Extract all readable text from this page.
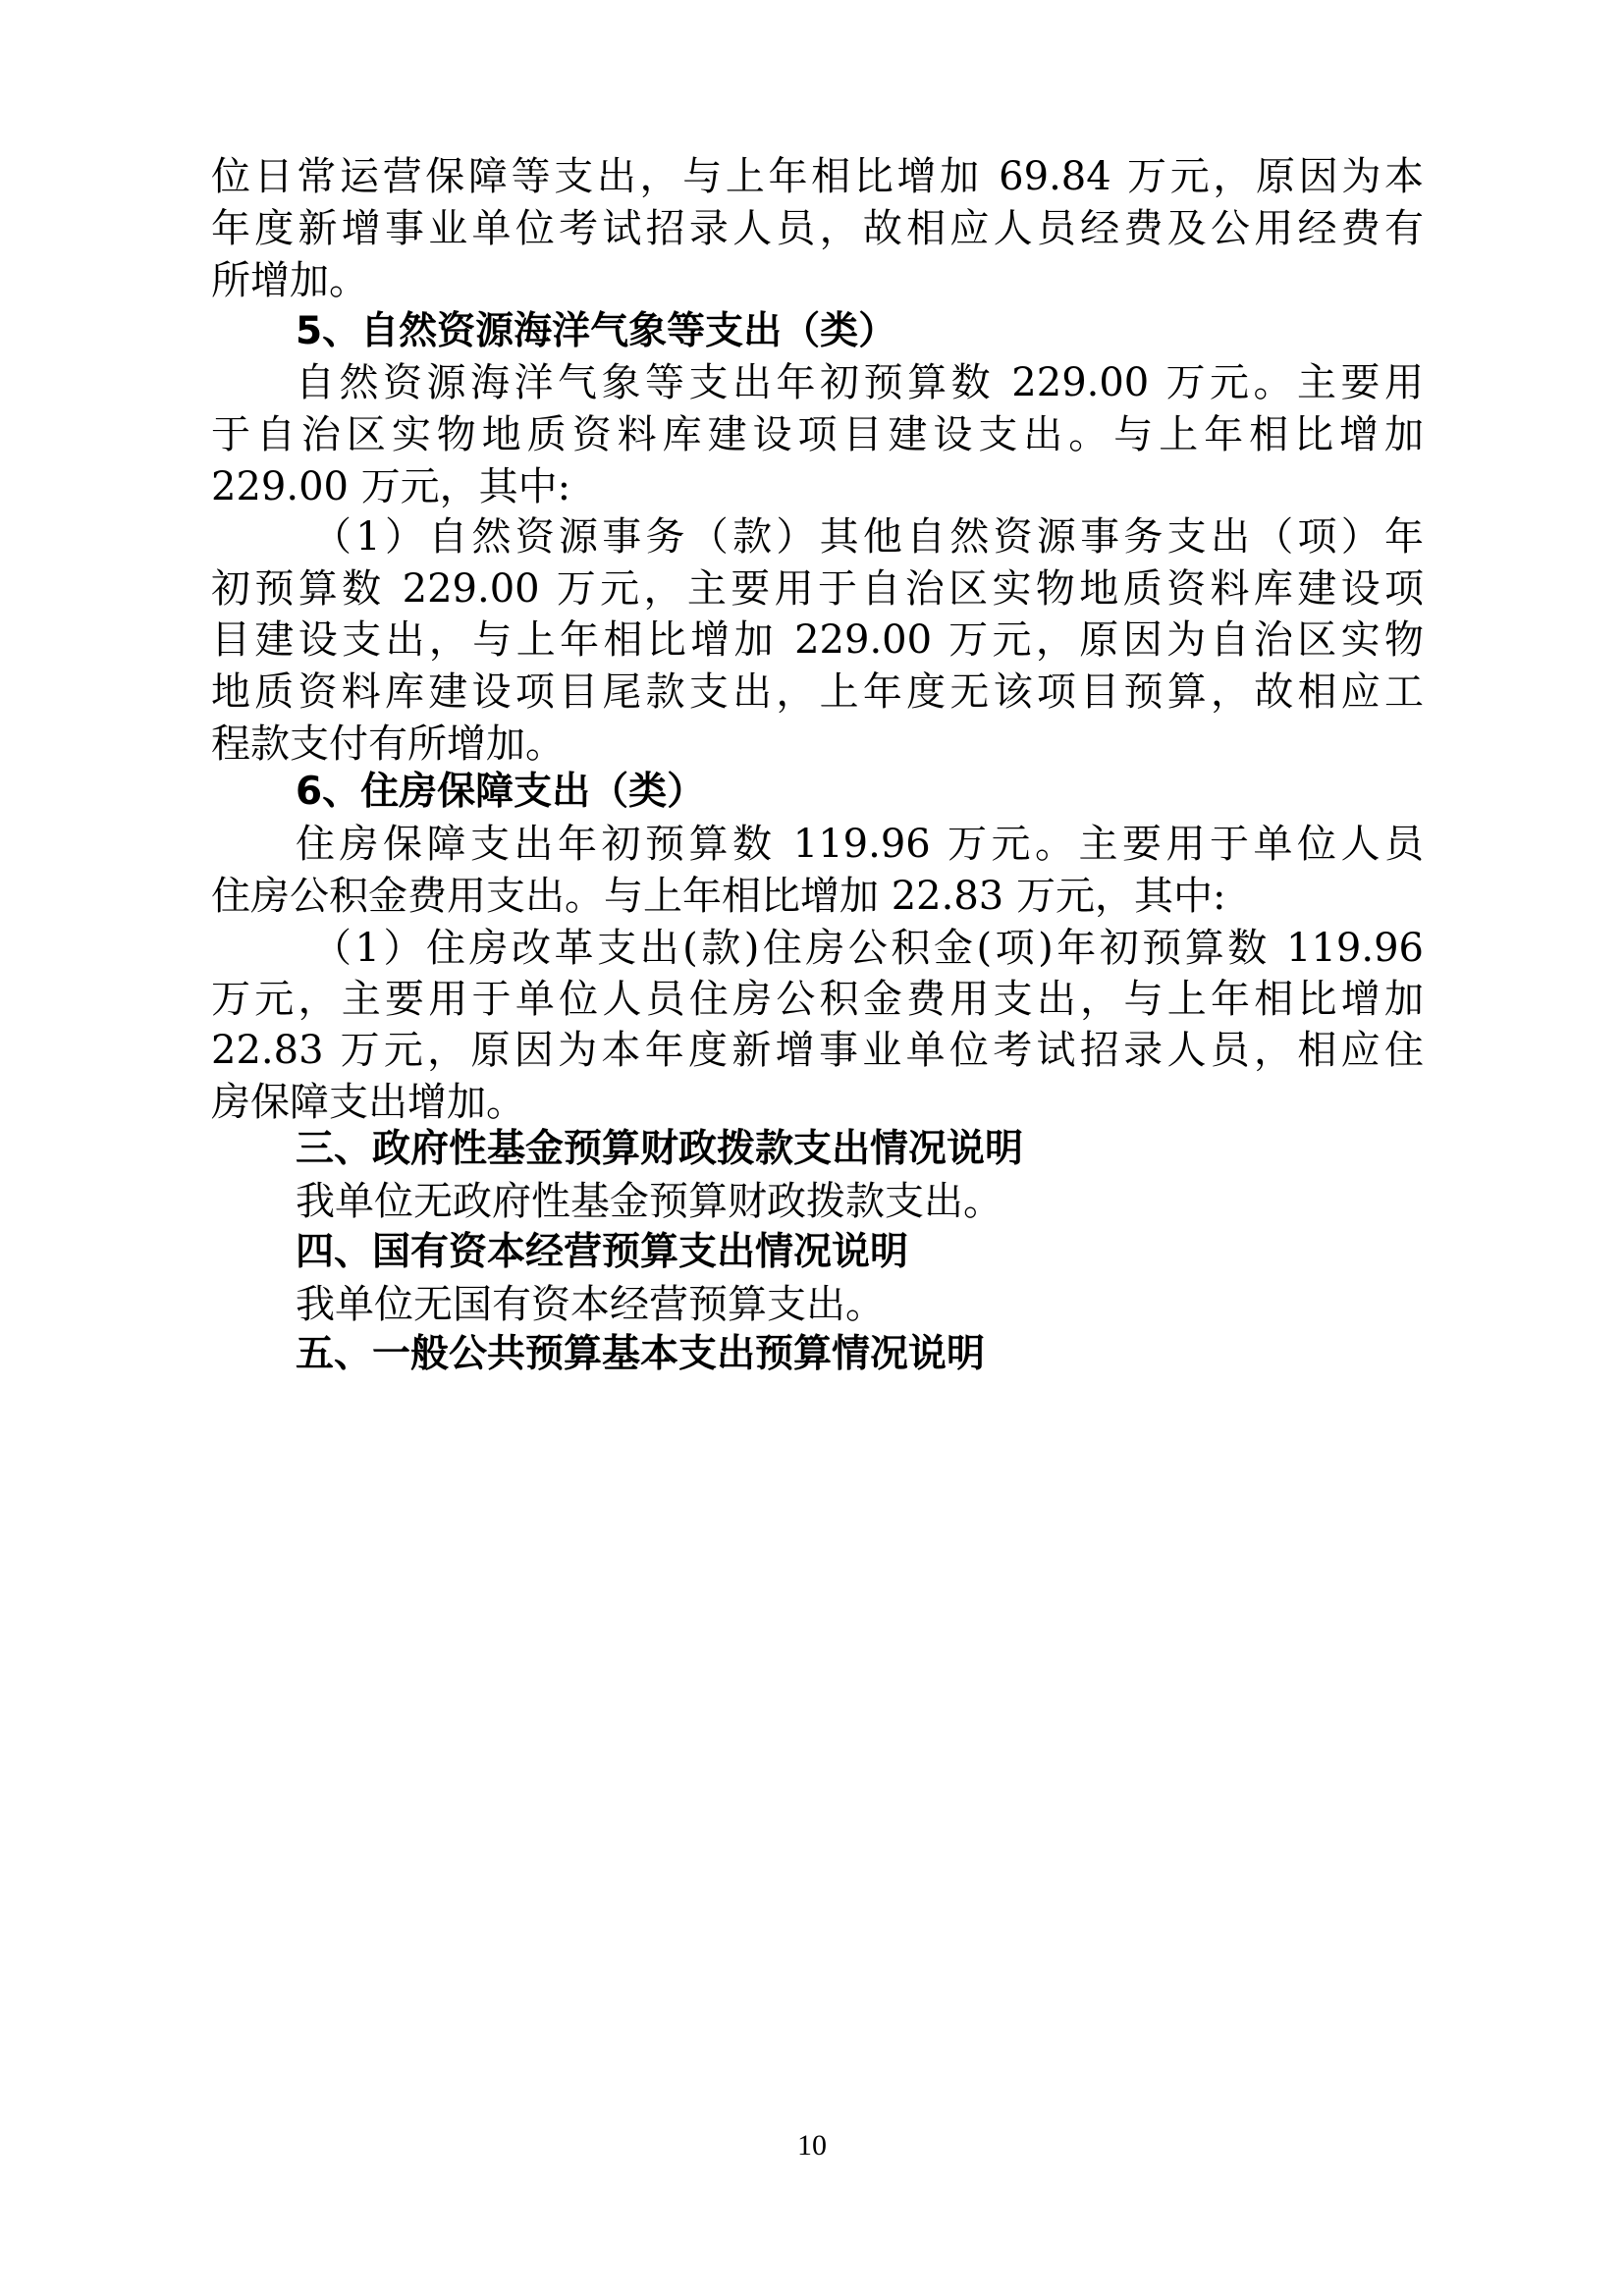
位日常运营保障等支出，与上年相比增加 69.84 万元，原因为本
年度新增事业单位考试招录人员，故相应人员经费及公用经费有
所增加。
5、自然资源海洋气象等支出（类）
自然资源海洋气象等支出年初预算数 229.00 万元。主要用
于自治区实物地质资料库建设项目建设支出。与上年相比增加
229.00 万元，其中:
（1）自然资源事务（款）其他自然资源事务支出（项）年
初预算数 229.00 万元，主要用于自治区实物地质资料库建设项
目建设支出，与上年相比增加 229.00 万元，原因为自治区实物
地质资料库建设项目尾款支出，上年度无该项目预算，故相应工
程款支付有所增加。
6、住房保障支出（类）
住房保障支出年初预算数 119.96 万元。主要用于单位人员
住房公积金费用支出。与上年相比增加 22.83 万元，其中:
（1）住房改革支出(款)住房公积金(项)年初预算数 119.96
万元，主要用于单位人员住房公积金费用支出，与上年相比增加
22.83 万元，原因为本年度新增事业单位考试招录人员，相应住
房保障支出增加。
三、政府性基金预算财政拨款支出情况说明
我单位无政府性基金预算财政拨款支出。
四、国有资本经营预算支出情况说明
我单位无国有资本经营预算支出。
五、一般公共预算基本支出预算情况说明
10
